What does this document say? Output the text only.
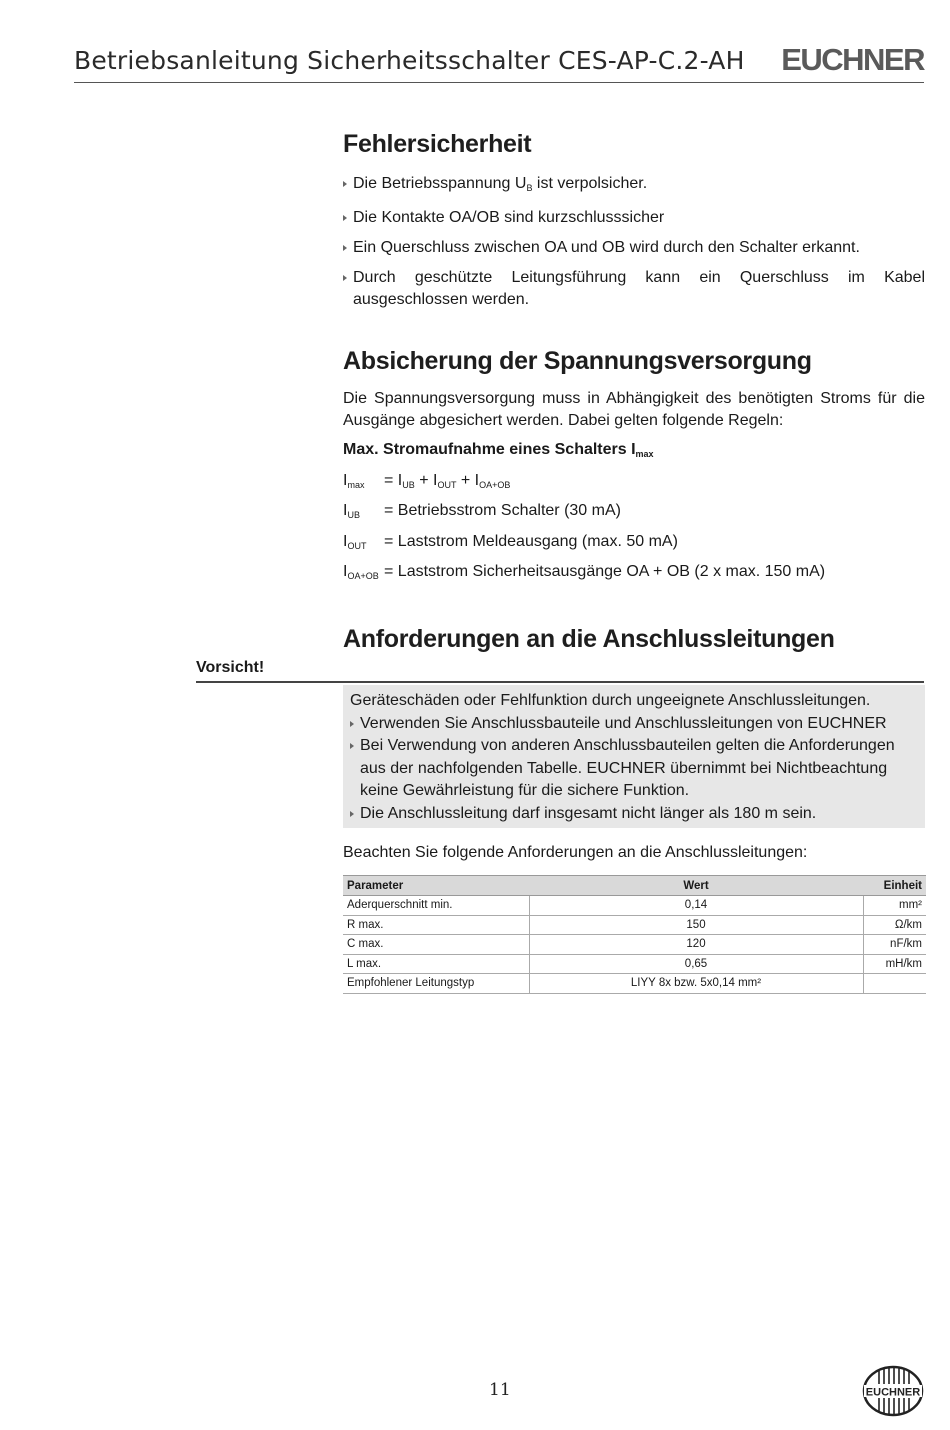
Betriebsanleitung Sicherheitsschalter CES-AP-C.2-AH EUCHNER
Fehlersicherheit
Die Betriebsspannung $U_B$ ist verpolsicher.
Die Kontakte OA/OB sind kurzschlusssicher
Ein Querschluss zwischen OA und OB wird durch den Schalter erkannt.
Durch geschützte Leitungsführung kann ein Querschluss im Kabel ausgeschlossen werden.
Absicherung der Spannungsversorgung
Die Spannungsversorgung muss in Abhängigkeit des benötigten Stroms für die Ausgänge abgesichert werden. Dabei gelten folgende Regeln:
Max. Stromaufnahme eines Schalters $I_{max}$
$I_{max} = I_{UB} + I_{OUT} + I_{OA+OB}$
$I_{UB}$ = Betriebsstrom Schalter (30 mA)
$I_{OUT}$ = Laststrom Meldeausgang (max. 50 mA)
$I_{OA+OB}$ = Laststrom Sicherheitsausgänge OA + OB (2 x max. 150 mA)
Anforderungen an die Anschlussleitungen
Vorsicht!
Geräteschäden oder Fehlfunktion durch ungeeignete Anschlussleitungen.
Verwenden Sie Anschlussbauteile und Anschlussleitungen von EUCHNER
Bei Verwendung von anderen Anschlussbauteilen gelten die Anforderungen
aus der nachfolgenden Tabelle. EUCHNER übernimmt bei Nichtbeachtung
keine Gewährleistung für die sichere Funktion.
Die Anschlussleitung darf insgesamt nicht länger als 180 m sein.
Beachten Sie folgende Anforderungen an die Anschlussleitungen:
Parameter	Wert	Einheit
Aderquerschnitt min.	0,14	mm²
R max.	150	Ω/km
C max.	120	nF/km
L max.	0,65	mH/km
Empfohlener Leitungstyp	LIYY 8x bzw. 5x0,14 mm²	
11	EUCHNER
